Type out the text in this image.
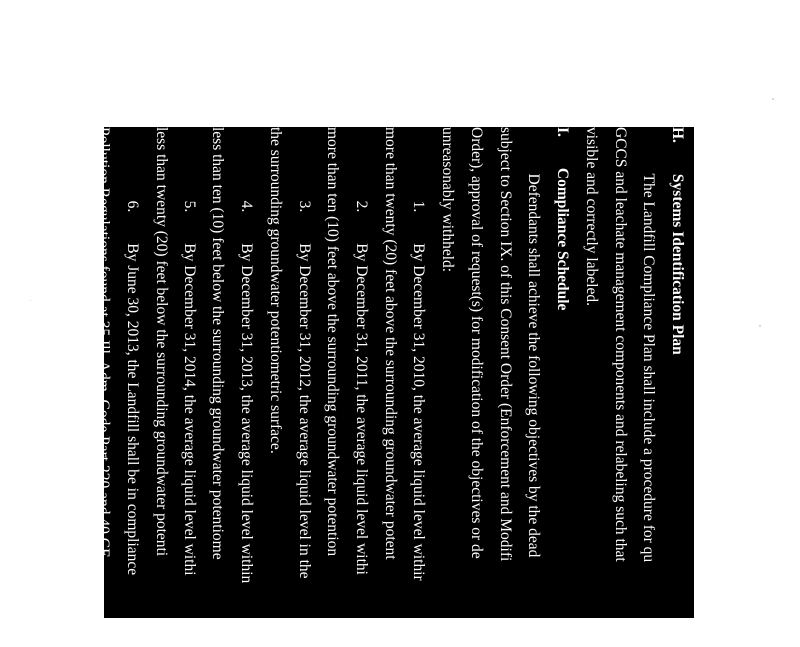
H.        Systems Identification Plan
The Landfill Compliance Plan shall include a procedure for qu
GCCS and leachate management components and relabeling such that
visible and correctly labeled.
I.        Compliance Schedule
Defendants shall achieve the following objectives by the dead
subject to Section IX. of this Consent Order (Enforcement and Modifi
Order), approval of request(s) for modification of the objectives or de
unreasonably withheld:
1.        By December 31, 2010, the average liquid level withir
more than twenty (20) feet above the surrounding groundwater potent
2.        By December 31, 2011, the average liquid level withi
more than ten (10) feet above the surrounding groundwater potention
3.        By December 31, 2012, the average liquid level in the
the surrounding groundwater potentiometric surface.
4.        By December 31, 2013, the average liquid level within
less than ten (10) feet below the surrounding groundwater potentiome
5.        By December 31, 2014, the average liquid level withi
less than twenty (20) feet below the surrounding groundwater potenti
6.        By June 30, 2013, the Landfill shall be in compliance
Pollution Regulations found at 35 Ill. Adm. Code Part 220 and 40 CF
